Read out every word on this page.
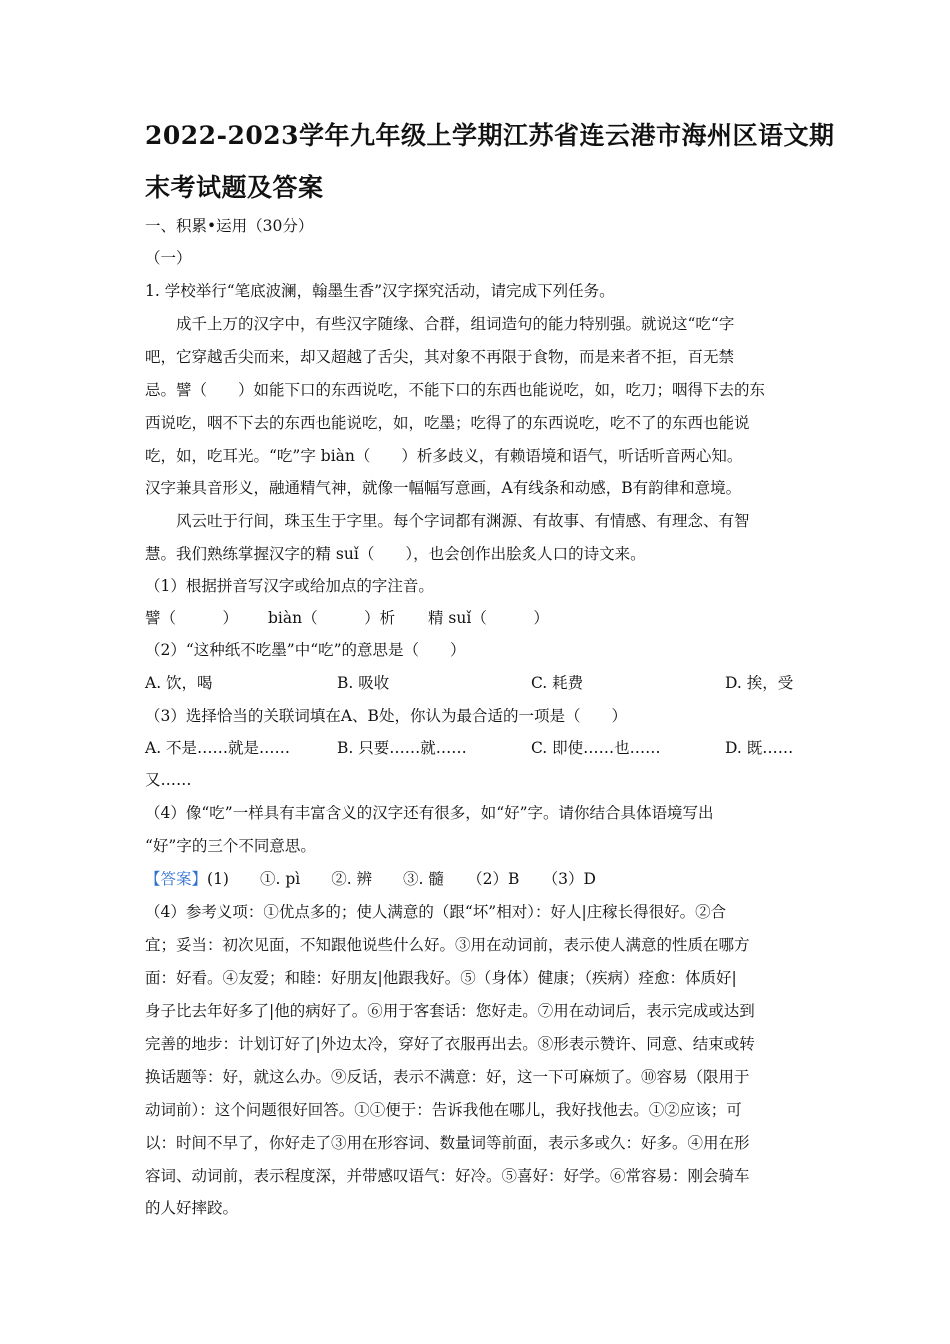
2022-2023学年九年级上学期江苏省连云港市海州区语文期
末考试题及答案
一、积累•运用（30分）
（一）
1. 学校举行“笔底波澜，翰墨生香”汉字探究活动，请完成下列任务。
成千上万的汉字中，有些汉字随缘、合群，组词造句的能力特别强。就说这“吃“字
吧，它穿越舌尖而来，却又超越了舌尖，其对象不再限于食物，而是来者不拒，百无禁
忌。譬（　　）如能下口的东西说吃，不能下口的东西也能说吃，如，吃刀；咽得下去的东
西说吃，咽不下去的东西也能说吃，如，吃墨；吃得了的东西说吃，吃不了的东西也能说
吃，如，吃耳光。“吃”字 biàn（　　）析多歧义，有赖语境和语气，听话听音两心知。
汉字兼具音形义，融通精气神，就像一幅幅写意画，A有线条和动感，B有韵律和意境。
风云吐于行间，珠玉生于字里。每个字词都有渊源、有故事、有情感、有理念、有智
慧。我们熟练掌握汉字的精 suǐ（　　），也会创作出脍炙人口的诗文来。
（1）根据拼音写汉字或给加点的字注音。
譬（　　　） biàn（　　　）析 精 suǐ（　　　）
（2）“这种纸不吃墨”中“吃”的意思是（　　）
A. 饮，喝	B. 吸收	C. 耗费	D. 挨，受
（3）选择恰当的关联词填在A、B处，你认为最合适的一项是（　　）
A. 不是……就是……	B. 只要……就……	C. 即使……也……	D. 既……
又……
（4）像“吃”一样具有丰富含义的汉字还有很多，如“好”字。请你结合具体语境写出
“好”字的三个不同意思。
【答案】(1)　　①. pì　　②. 辨　　③. 髓　　（2）B　　（3）D
（4）参考义项：①优点多的；使人满意的（跟“坏”相对）：好人|庄稼长得很好。②合
宜；妥当：初次见面，不知跟他说些什么好。③用在动词前，表示使人满意的性质在哪方
面：好看。④友爱；和睦：好朋友|他跟我好。⑤（身体）健康；（疾病）痊愈：体质好|
身子比去年好多了|他的病好了。⑥用于客套话：您好走。⑦用在动词后，表示完成或达到
完善的地步：计划订好了|外边太冷，穿好了衣服再出去。⑧形表示赞许、同意、结束或转
换话题等：好，就这么办。⑨反话，表示不满意：好，这一下可麻烦了。⑩容易（限用于
动词前）：这个问题很好回答。①①便于：告诉我他在哪儿，我好找他去。①②应该；可
以：时间不早了，你好走了③用在形容词、数量词等前面，表示多或久：好多。④用在形
容词、动词前，表示程度深，并带感叹语气：好冷。⑤喜好：好学。⑥常容易：刚会骑车
的人好摔跤。
